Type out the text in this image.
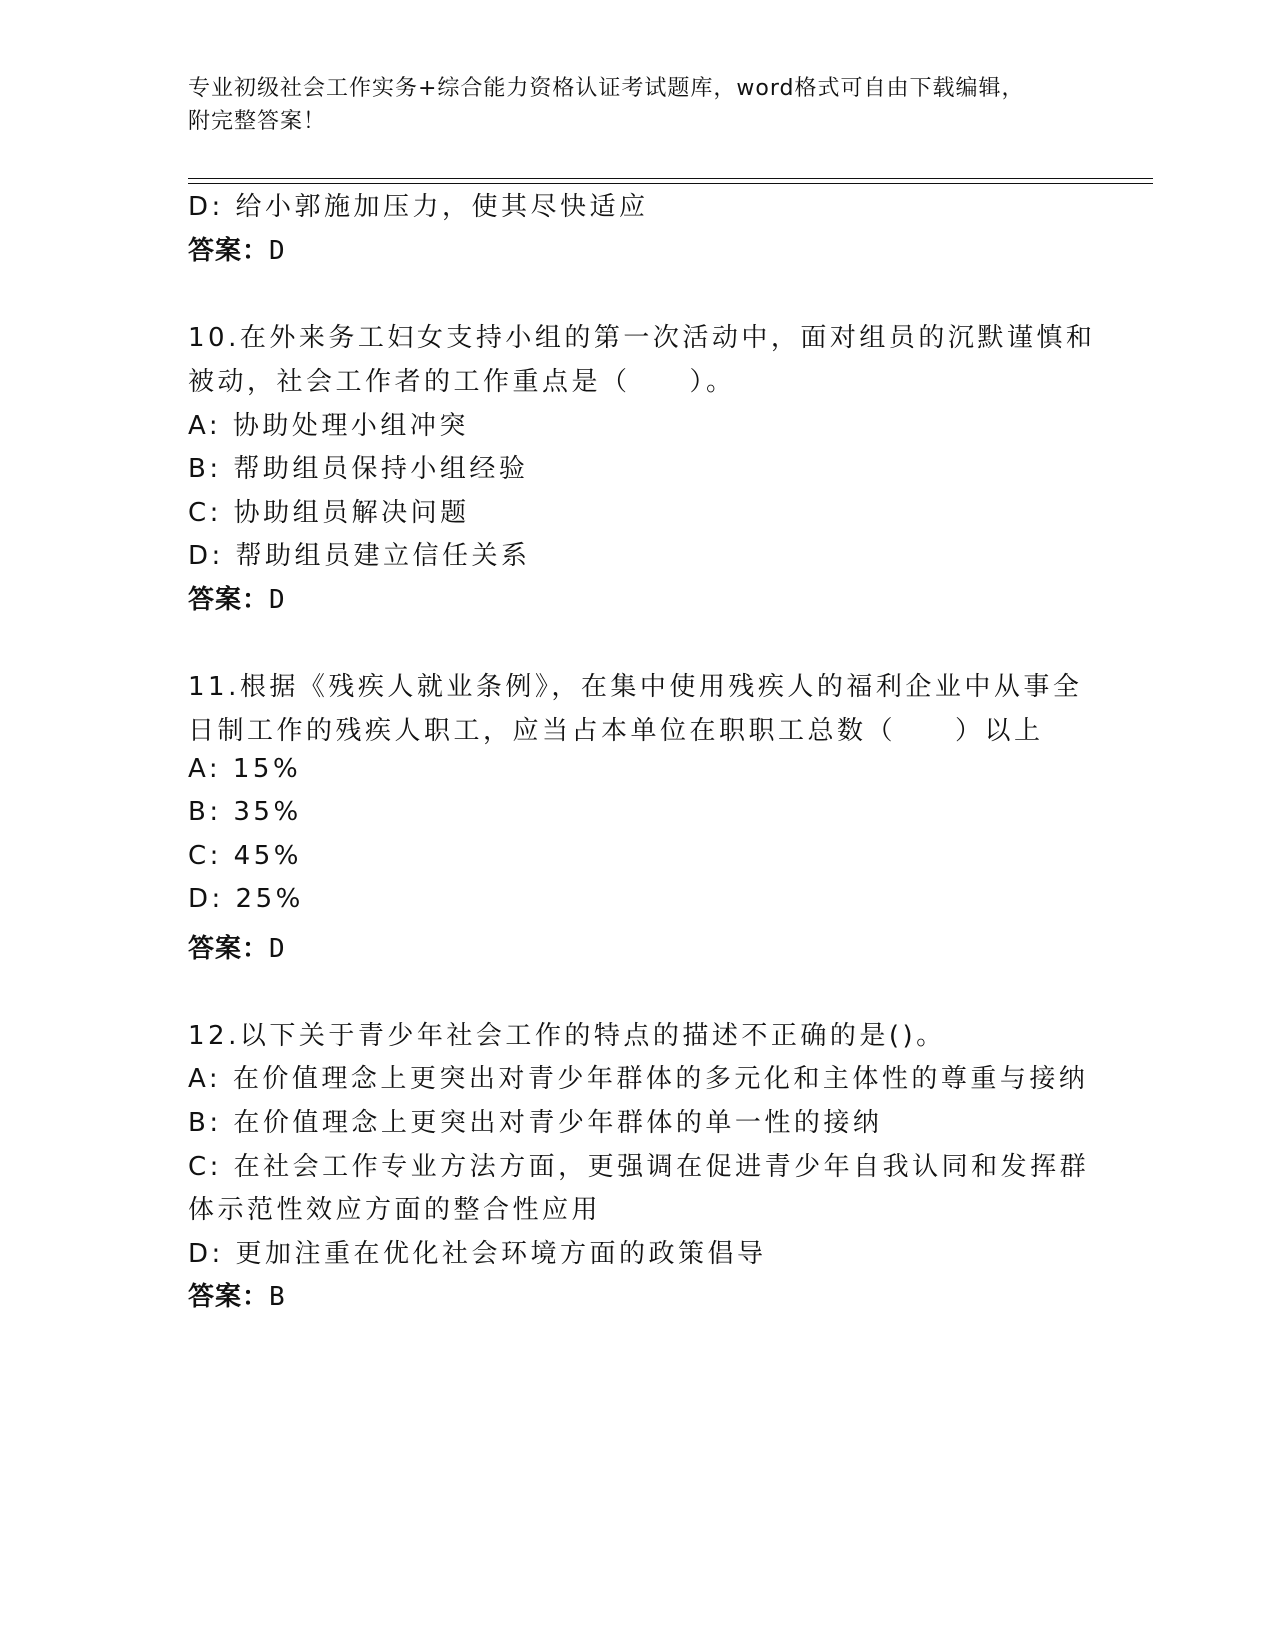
专业初级社会工作实务+综合能力资格认证考试题库，word格式可自由下载编辑，
附完整答案！
D: 给小郭施加压力，使其尽快适应
答案：D
10.在外来务工妇女支持小组的第一次活动中，面对组员的沉默谨慎和
被动，社会工作者的工作重点是（　　）。
A: 协助处理小组冲突
B: 帮助组员保持小组经验
C: 协助组员解决问题
D: 帮助组员建立信任关系
答案：D
11.根据《残疾人就业条例》，在集中使用残疾人的福利企业中从事全
日制工作的残疾人职工，应当占本单位在职职工总数（　　）以上
A: 15%
B: 35%
C: 45%
D: 25%
答案：D
12.以下关于青少年社会工作的特点的描述不正确的是()。
A: 在价值理念上更突出对青少年群体的多元化和主体性的尊重与接纳
B: 在价值理念上更突出对青少年群体的单一性的接纳
C: 在社会工作专业方法方面，更强调在促进青少年自我认同和发挥群
体示范性效应方面的整合性应用
D: 更加注重在优化社会环境方面的政策倡导
答案：B
